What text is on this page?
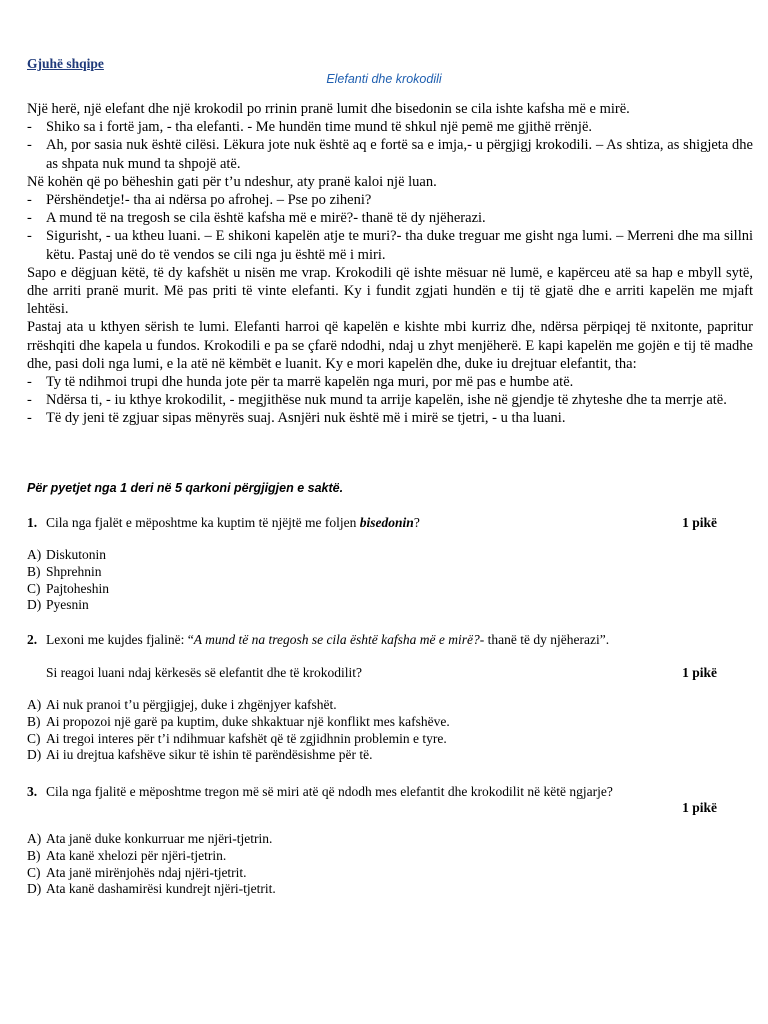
Gjuhë shqipe

Elefanti dhe krokodili

Një herë, një elefant dhe një krokodil po rrinin pranë lumit dhe bisedonin se cila ishte kafsha më e mirë.

- Shiko sa i fortë jam, - tha elefanti. - Me hundën time mund të shkul një pemë me gjithë rrënjë.
- Ah, por sasia nuk është cilësi. Lëkura jote nuk është aq e fortë sa e imja,- u përgjigj krokodili. – As shtiza, as shigjeta dhe as shpata nuk mund ta shpojë atë.

Në kohën që po bëheshin gati për t’u ndeshur, aty pranë kaloi një luan.

- Përshëndetje!- tha ai ndërsa po afrohej. – Pse po ziheni?
- A mund të na tregosh se cila është kafsha më e mirë?- thanë të dy njëherazi.
- Sigurisht, - ua ktheu luani. – E shikoni kapelën atje te muri?- tha duke treguar me gisht nga lumi. – Merreni dhe ma sillni këtu. Pastaj unë do të vendos se cili nga ju është më i miri.

Sapo e dëgjuan këtë, të dy kafshët u nisën me vrap. Krokodili që ishte mësuar në lumë, e kapërceu atë sa hap e mbyll sytë, dhe arriti pranë murit. Më pas priti të vinte elefanti. Ky i fundit zgjati hundën e tij të gjatë dhe e arriti kapelën me mjaft lehtësi.

Pastaj ata u kthyen sërish te lumi. Elefanti harroi që kapelën e kishte mbi kurriz dhe, ndërsa përpiqej të nxitonte, papritur rrëshqiti dhe kapela u fundos. Krokodili e pa se çfarë ndodhi, ndaj u zhyt menjëherë. E kapi kapelën me gojën e tij të madhe dhe, pasi doli nga lumi, e la atë në këmbët e luanit. Ky e mori kapelën dhe, duke iu drejtuar elefantit, tha:

- Ty të ndihmoi trupi dhe hunda jote për ta marrë kapelën nga muri, por më pas e humbe atë.
- Ndërsa ti, - iu kthye krokodilit, - megjithëse nuk mund ta arrije kapelën, ishe në gjendje të zhyteshe dhe ta merrje atë.
- Të dy jeni të zgjuar sipas mënyrës suaj. Asnjëri nuk është më i mirë se tjetri, - u tha luani.

Për pyetjet nga 1 deri në 5 qarkoni përgjigjen e saktë.

1. Cila nga fjalët e mëposhtme ka kuptim të njëjtë me foljen bisedonin?	1 pikë
A) Diskutonin
B) Shprehnin
C) Pajtoheshin
D) Pyesnin
2. Lexoni me kujdes fjalinë: “A mund të na tregosh se cila është kafsha më e mirë?- thanë të dy njëherazi”.
Si reagoi luani ndaj kërkesës së elefantit dhe të krokodilit?	1 pikë
A) Ai nuk pranoi t’u përgjigjej, duke i zhgënjyer kafshët.
B) Ai propozoi një garë pa kuptim, duke shkaktuar një konflikt mes kafshëve.
C) Ai tregoi interes për t’i ndihmuar kafshët që të zgjidhnin problemin e tyre.
D) Ai iu drejtua kafshëve sikur të ishin të parëndësishme për të.
3. Cila nga fjalitë e mëposhtme tregon më së miri atë që ndodh mes elefantit dhe krokodilit në këtë ngjarje?
1 pikë
A) Ata janë duke konkurruar me njëri-tjetrin.
B) Ata kanë xhelozi për njëri-tjetrin.
C) Ata janë mirënjohës ndaj njëri-tjetrit.
D) Ata kanë dashamirësi kundrejt njëri-tjetrit.
